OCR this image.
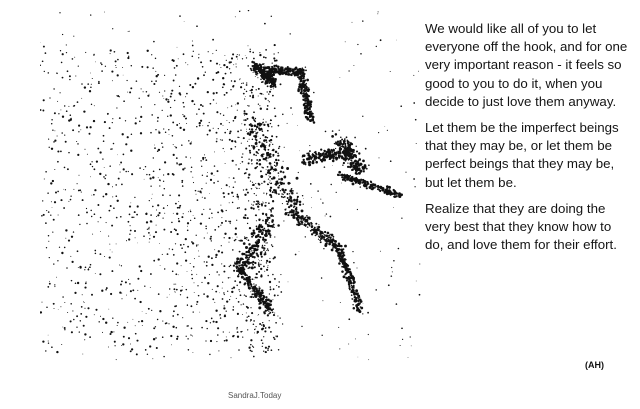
We would like all of you to let everyone off the hook, and for one very important reason - it feels so good to you to do it, when you decide to just love them anyway.

Let them be the imperfect beings that they may be, or let them be perfect beings that they may be, but let them be.

Realize that they are doing the very best that they know how to do, and love them for their effort.

(AH)
SandraJ.Today
